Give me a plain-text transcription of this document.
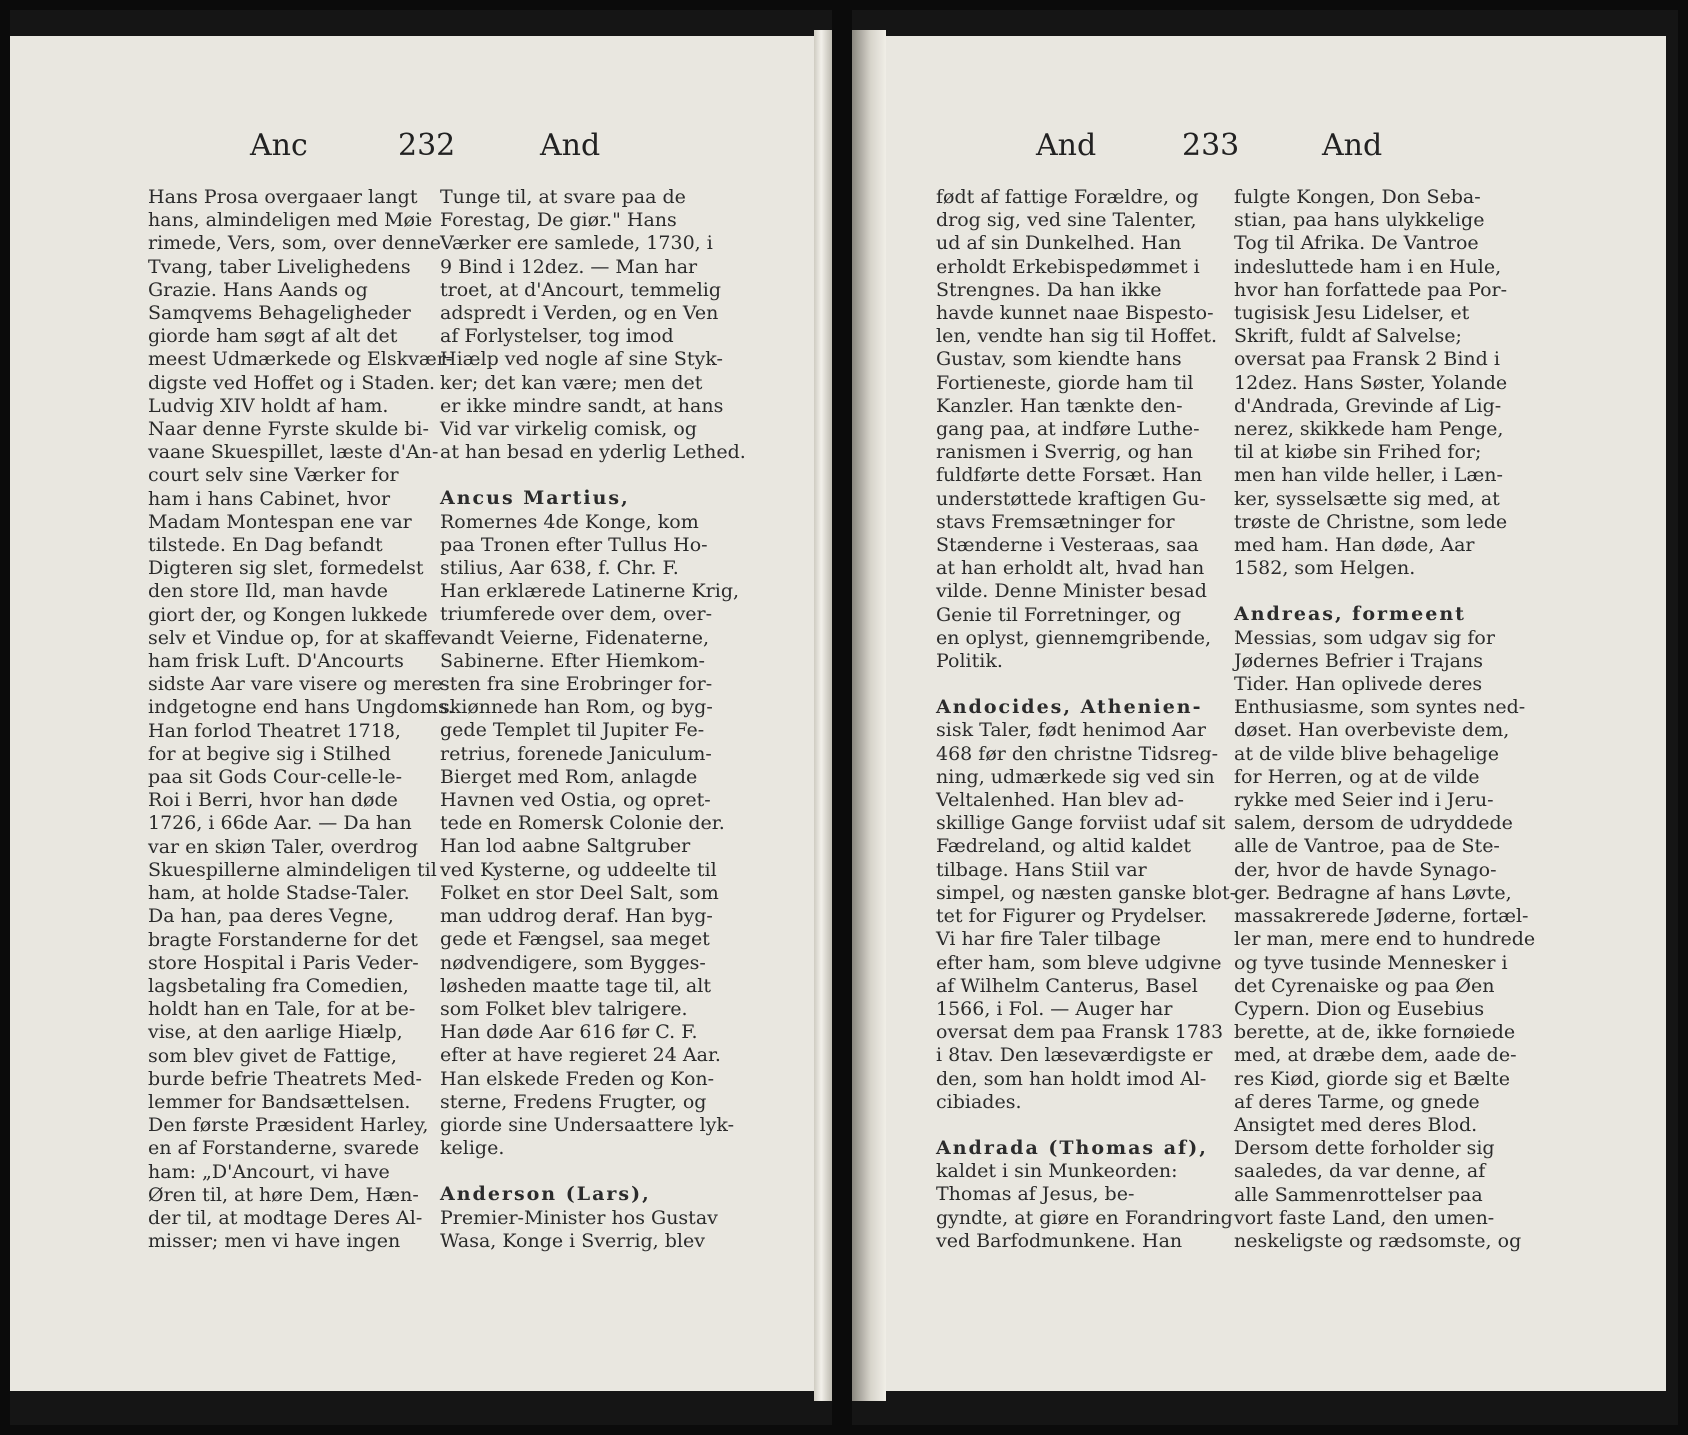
Anc	232	And

Hans Prosa overgaaer langt

hans, almindeligen med Møie

rimede, Vers, som, over denne

Tvang, taber Livelighedens

Grazie. Hans Aands og

Samqvems Behageligheder

giorde ham søgt af alt det

meest Udmærkede og Elskvær-

digste ved Hoffet og i Staden.

Ludvig XIV holdt af ham.

Naar denne Fyrste skulde bi-

vaane Skuespillet, læste d'An-

court selv sine Værker for

ham i hans Cabinet, hvor

Madam Montespan ene var

tilstede. En Dag befandt

Digteren sig slet, formedelst

den store Ild, man havde

giort der, og Kongen lukkede

selv et Vindue op, for at skaffe

ham frisk Luft. D'Ancourts

sidste Aar vare visere og mere

indgetogne end hans Ungdoms.

Han forlod Theatret 1718,

for at begive sig i Stilhed

paa sit Gods Cour-celle-le-

Roi i Berri, hvor han døde

1726, i 66de Aar. — Da han

var en skiøn Taler, overdrog

Skuespillerne almindeligen til

ham, at holde Stadse-Taler.

Da han, paa deres Vegne,

bragte Forstanderne for det

store Hospital i Paris Veder-

lagsbetaling fra Comedien,

holdt han en Tale, for at be-

vise, at den aarlige Hiælp,

som blev givet de Fattige,

burde befrie Theatrets Med-

lemmer for Bandsættelsen.

Den første Præsident Harley,

en af Forstanderne, svarede

ham: „D'Ancourt, vi have

Øren til, at høre Dem, Hæn-

der til, at modtage Deres Al-

misser; men vi have ingen

Tunge til, at svare paa de

Forestag, De giør." Hans

Værker ere samlede, 1730, i

9 Bind i 12dez. — Man har

troet, at d'Ancourt, temmelig

adspredt i Verden, og en Ven

af Forlystelser, tog imod

Hiælp ved nogle af sine Styk-

ker; det kan være; men det

er ikke mindre sandt, at hans

Vid var virkelig comisk, og

at han besad en yderlig Lethed.

Ancus Martius,

Romernes 4de Konge, kom

paa Tronen efter Tullus Ho-

stilius, Aar 638, f. Chr. F.

Han erklærede Latinerne Krig,

triumferede over dem, over-

vandt Veierne, Fidenaterne,

Sabinerne. Efter Hiemkom-

sten fra sine Erobringer for-

skiønnede han Rom, og byg-

gede Templet til Jupiter Fe-

retrius, forenede Janiculum-

Bierget med Rom, anlagde

Havnen ved Ostia, og opret-

tede en Romersk Colonie der.

Han lod aabne Saltgruber

ved Kysterne, og uddeelte til

Folket en stor Deel Salt, som

man uddrog deraf. Han byg-

gede et Fængsel, saa meget

nødvendigere, som Bygges-

løsheden maatte tage til, alt

som Folket blev talrigere.

Han døde Aar 616 før C. F.

efter at have regieret 24 Aar.

Han elskede Freden og Kon-

sterne, Fredens Frugter, og

giorde sine Undersaattere lyk-

kelige.

Anderson (Lars),

Premier-Minister hos Gustav

Wasa, Konge i Sverrig, blev

And	233	And

født af fattige Forældre, og

drog sig, ved sine Talenter,

ud af sin Dunkelhed. Han

erholdt Erkebispedømmet i

Strengnes. Da han ikke

havde kunnet naae Bispesto-

len, vendte han sig til Hoffet.

Gustav, som kiendte hans

Fortieneste, giorde ham til

Kanzler. Han tænkte den-

gang paa, at indføre Luthe-

ranismen i Sverrig, og han

fuldførte dette Forsæt. Han

understøttede kraftigen Gu-

stavs Fremsætninger for

Stænderne i Vesteraas, saa

at han erholdt alt, hvad han

vilde. Denne Minister besad

Genie til Forretninger, og

en oplyst, giennemgribende,

Politik.

Andocides, Athenien-

sisk Taler, født henimod Aar

468 før den christne Tidsreg-

ning, udmærkede sig ved sin

Veltalenhed. Han blev ad-

skillige Gange forviist udaf sit

Fædreland, og altid kaldet

tilbage. Hans Stiil var

simpel, og næsten ganske blot-

tet for Figurer og Prydelser.

Vi har fire Taler tilbage

efter ham, som bleve udgivne

af Wilhelm Canterus, Basel

1566, i Fol. — Auger har

oversat dem paa Fransk 1783

i 8tav. Den læseværdigste er

den, som han holdt imod Al-

cibiades.

Andrada (Thomas af),

kaldet i sin Munkeorden:

Thomas af Jesus, be-

gyndte, at giøre en Forandring

ved Barfodmunkene. Han

fulgte Kongen, Don Seba-

stian, paa hans ulykkelige

Tog til Afrika. De Vantroe

indesluttede ham i en Hule,

hvor han forfattede paa Por-

tugisisk Jesu Lidelser, et

Skrift, fuldt af Salvelse;

oversat paa Fransk 2 Bind i

12dez. Hans Søster, Yolande

d'Andrada, Grevinde af Lig-

nerez, skikkede ham Penge,

til at kiøbe sin Frihed for;

men han vilde heller, i Læn-

ker, sysselsætte sig med, at

trøste de Christne, som lede

med ham. Han døde, Aar

1582, som Helgen.

Andreas, formeent

Messias, som udgav sig for

Jødernes Befrier i Trajans

Tider. Han oplivede deres

Enthusiasme, som syntes ned-

døset. Han overbeviste dem,

at de vilde blive behagelige

for Herren, og at de vilde

rykke med Seier ind i Jeru-

salem, dersom de udryddede

alle de Vantroe, paa de Ste-

der, hvor de havde Synago-

ger. Bedragne af hans Løvte,

massakrerede Jøderne, fortæl-

ler man, mere end to hundrede

og tyve tusinde Mennesker i

det Cyrenaiske og paa Øen

Cypern. Dion og Eusebius

berette, at de, ikke fornøiede

med, at dræbe dem, aade de-

res Kiød, giorde sig et Bælte

af deres Tarme, og gnede

Ansigtet med deres Blod.

Dersom dette forholder sig

saaledes, da var denne, af

alle Sammenrottelser paa

vort faste Land, den umen-

neskeligste og rædsomste, og
